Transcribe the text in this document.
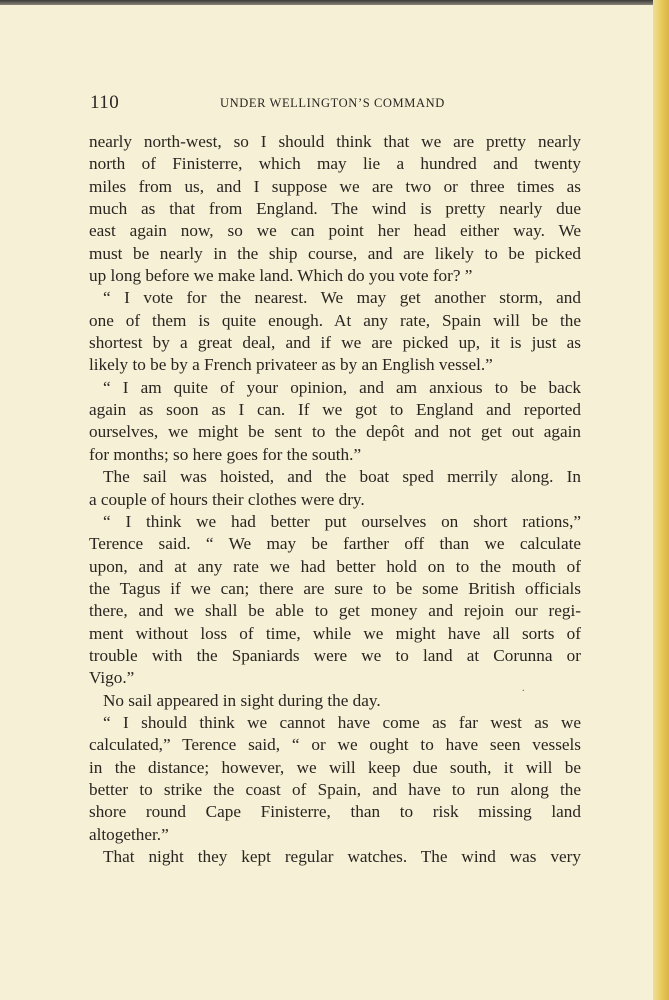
110	UNDER WELLINGTON’S COMMAND
nearly north-west, so I should think that we are pretty nearly
north of Finisterre, which may lie a hundred and twenty
miles from us, and I suppose we are two or three times as
much as that from England. The wind is pretty nearly due
east again now, so we can point her head either way. We
must be nearly in the ship course, and are likely to be picked
up long before we make land. Which do you vote for? ”
“ I vote for the nearest. We may get another storm, and
one of them is quite enough. At any rate, Spain will be the
shortest by a great deal, and if we are picked up, it is just as
likely to be by a French privateer as by an English vessel.”
“ I am quite of your opinion, and am anxious to be back
again as soon as I can. If we got to England and reported
ourselves, we might be sent to the depôt and not get out again
for months; so here goes for the south.”
The sail was hoisted, and the boat sped merrily along. In
a couple of hours their clothes were dry.
“ I think we had better put ourselves on short rations,”
Terence said. “ We may be farther off than we calculate
upon, and at any rate we had better hold on to the mouth of
the Tagus if we can; there are sure to be some British officials
there, and we shall be able to get money and rejoin our regi-
ment without loss of time, while we might have all sorts of
trouble with the Spaniards were we to land at Corunna or
Vigo.”
No sail appeared in sight during the day.
“ I should think we cannot have come as far west as we
calculated,” Terence said, “ or we ought to have seen vessels
in the distance; however, we will keep due south, it will be
better to strike the coast of Spain, and have to run along the
shore round Cape Finisterre, than to risk missing land
altogether.”
That night they kept regular watches. The wind was very
.
